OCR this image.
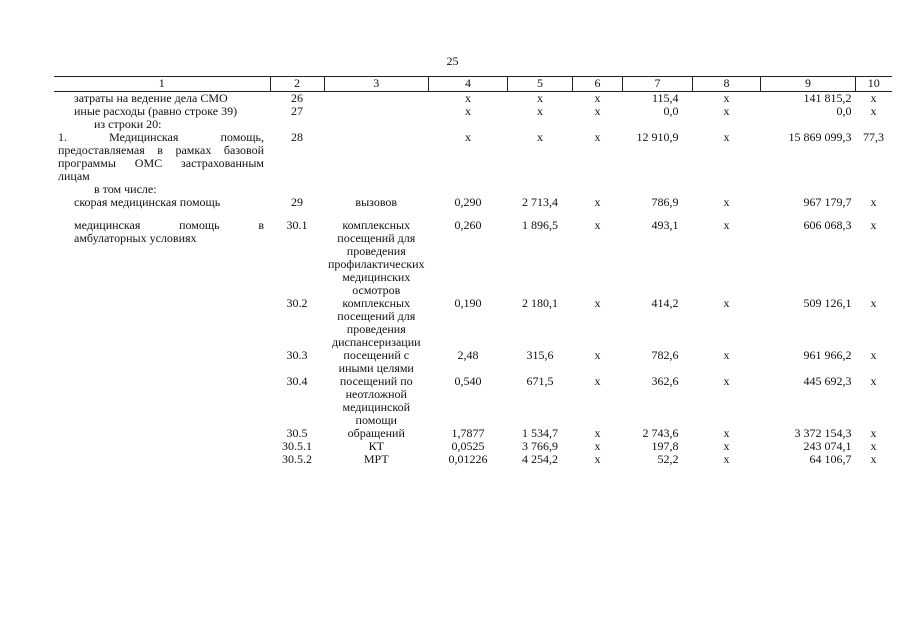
25
1	2	3	4	5	6	7	8	9	10
затраты на ведение дела СМО	26		х	х	х	115,4	х	141 815,2	х
иные расходы (равно строке 39)	27		х	х	х	0,0	х	0,0	х
из строки 20:									
1. Медицинская помощь, предоставляемая в рамках базовой программы ОМС застрахованным лицам	28		х	х	х	12 910,9	х	15 869 099,3	77,3
в том числе:									
скорая медицинская помощь	29	вызовов	0,290	2 713,4	х	786,9	х	967 179,7	х
медицинская помощь в амбулаторных условиях	30.1	комплексных посещений для проведения профилактических медицинских осмотров	0,260	1 896,5	х	493,1	х	606 068,3	х
	30.2	комплексных посещений для проведения диспансеризации	0,190	2 180,1	х	414,2	х	509 126,1	х
	30.3	посещений с иными целями	2,48	315,6	х	782,6	х	961 966,2	х
	30.4	посещений по неотложной медицинской помощи	0,540	671,5	х	362,6	х	445 692,3	х
	30.5	обращений	1,7877	1 534,7	х	2 743,6	х	3 372 154,3	х
	30.5.1	КТ	0,0525	3 766,9	х	197,8	х	243 074,1	х
	30.5.2	МРТ	0,01226	4 254,2	х	52,2	х	64 106,7	х
